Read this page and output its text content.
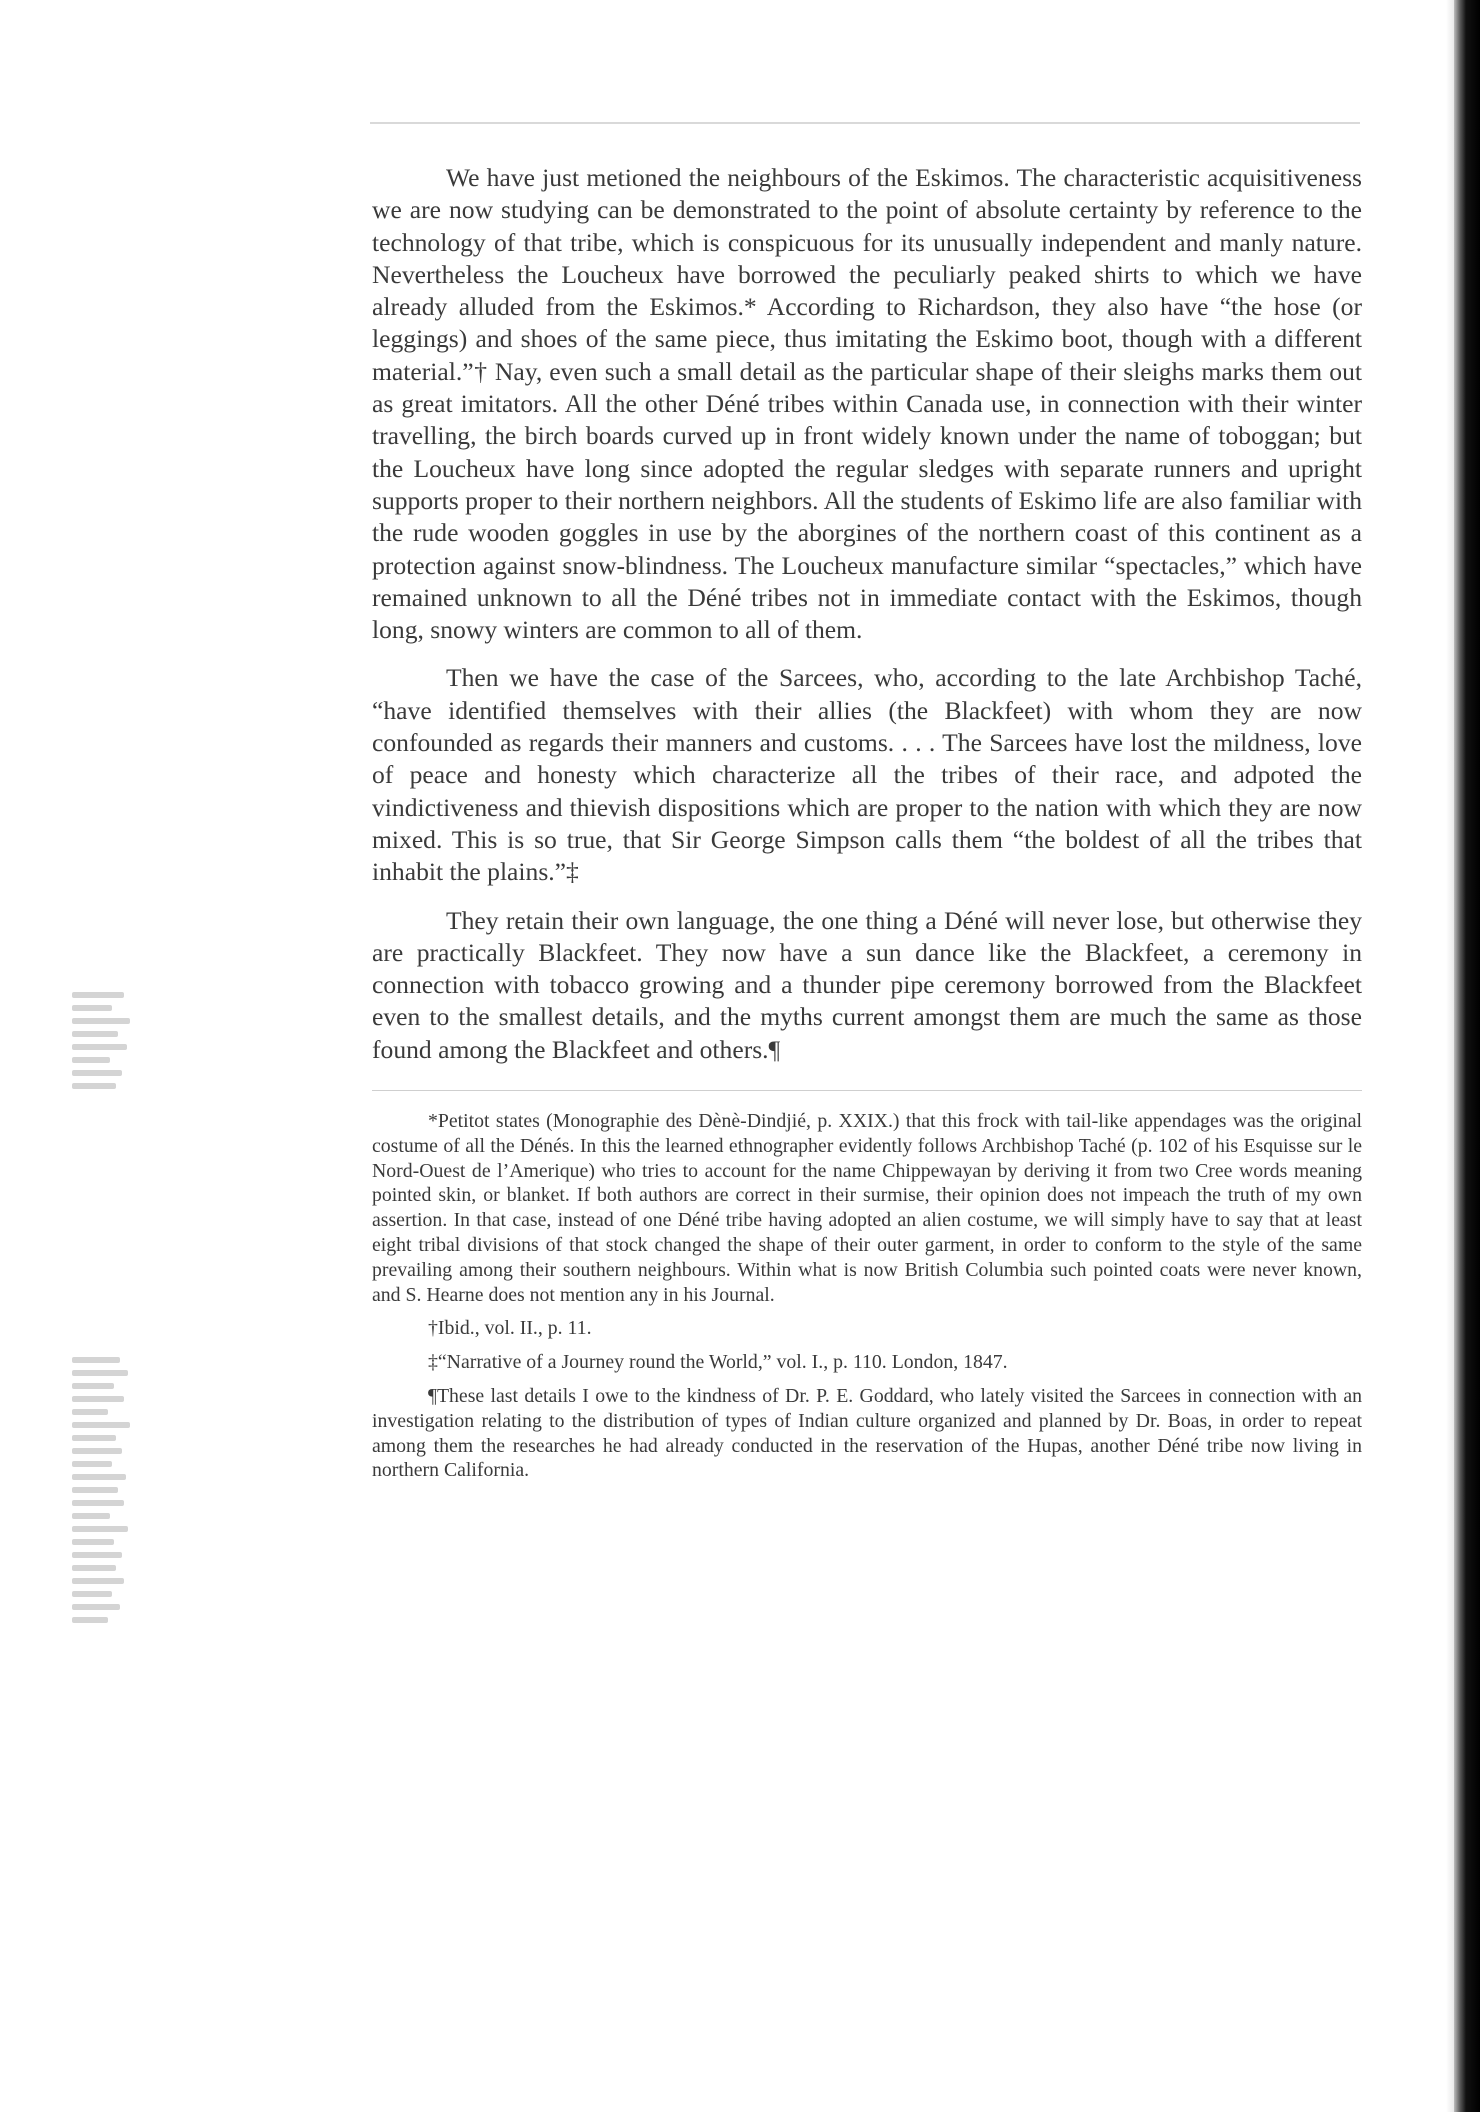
We have just metioned the neighbours of the Eskimos. The characteristic acquisitiveness we are now studying can be demonstrated to the point of absolute certainty by reference to the technology of that tribe, which is conspicuous for its unusually independent and manly nature. Nevertheless the Loucheux have borrowed the peculiarly peaked shirts to which we have already alluded from the Eskimos.* According to Richardson, they also have “the hose (or leggings) and shoes of the same piece, thus imitating the Eskimo boot, though with a different material.”† Nay, even such a small detail as the particular shape of their sleighs marks them out as great imitators. All the other Déné tribes within Canada use, in connection with their winter travelling, the birch boards curved up in front widely known under the name of toboggan; but the Loucheux have long since adopted the regular sledges with separate runners and upright supports proper to their northern neighbors. All the students of Eskimo life are also familiar with the rude wooden goggles in use by the aborgines of the northern coast of this continent as a protection against snow-blindness. The Loucheux manufacture similar “spectacles,” which have remained unknown to all the Déné tribes not in immediate contact with the Eskimos, though long, snowy winters are common to all of them.

Then we have the case of the Sarcees, who, according to the late Archbishop Taché, “have identified themselves with their allies (the Blackfeet) with whom they are now confounded as regards their manners and customs. . . . The Sarcees have lost the mildness, love of peace and honesty which characterize all the tribes of their race, and adpoted the vindictiveness and thievish dispositions which are proper to the nation with which they are now mixed. This is so true, that Sir George Simpson calls them “the boldest of all the tribes that inhabit the plains.”‡

They retain their own language, the one thing a Déné will never lose, but otherwise they are practically Blackfeet. They now have a sun dance like the Blackfeet, a ceremony in connection with tobacco growing and a thunder pipe ceremony borrowed from the Blackfeet even to the smallest details, and the myths current amongst them are much the same as those found among the Blackfeet and others.¶

*Petitot states (Monographie des Dènè-Dindjié, p. XXIX.) that this frock with tail-like appendages was the original costume of all the Dénés. In this the learned ethnographer evidently follows Archbishop Taché (p. 102 of his Esquisse sur le Nord-Ouest de l’Amerique) who tries to account for the name Chippewayan by deriving it from two Cree words meaning pointed skin, or blanket. If both authors are correct in their surmise, their opinion does not impeach the truth of my own assertion. In that case, instead of one Déné tribe having adopted an alien costume, we will simply have to say that at least eight tribal divisions of that stock changed the shape of their outer garment, in order to conform to the style of the same prevailing among their southern neighbours. Within what is now British Columbia such pointed coats were never known, and S. Hearne does not mention any in his Journal.

†Ibid., vol. II., p. 11.

‡“Narrative of a Journey round the World,” vol. I., p. 110. London, 1847.

¶These last details I owe to the kindness of Dr. P. E. Goddard, who lately visited the Sarcees in connection with an investigation relating to the distribution of types of Indian culture organized and planned by Dr. Boas, in order to repeat among them the researches he had already conducted in the reservation of the Hupas, another Déné tribe now living in northern California.
